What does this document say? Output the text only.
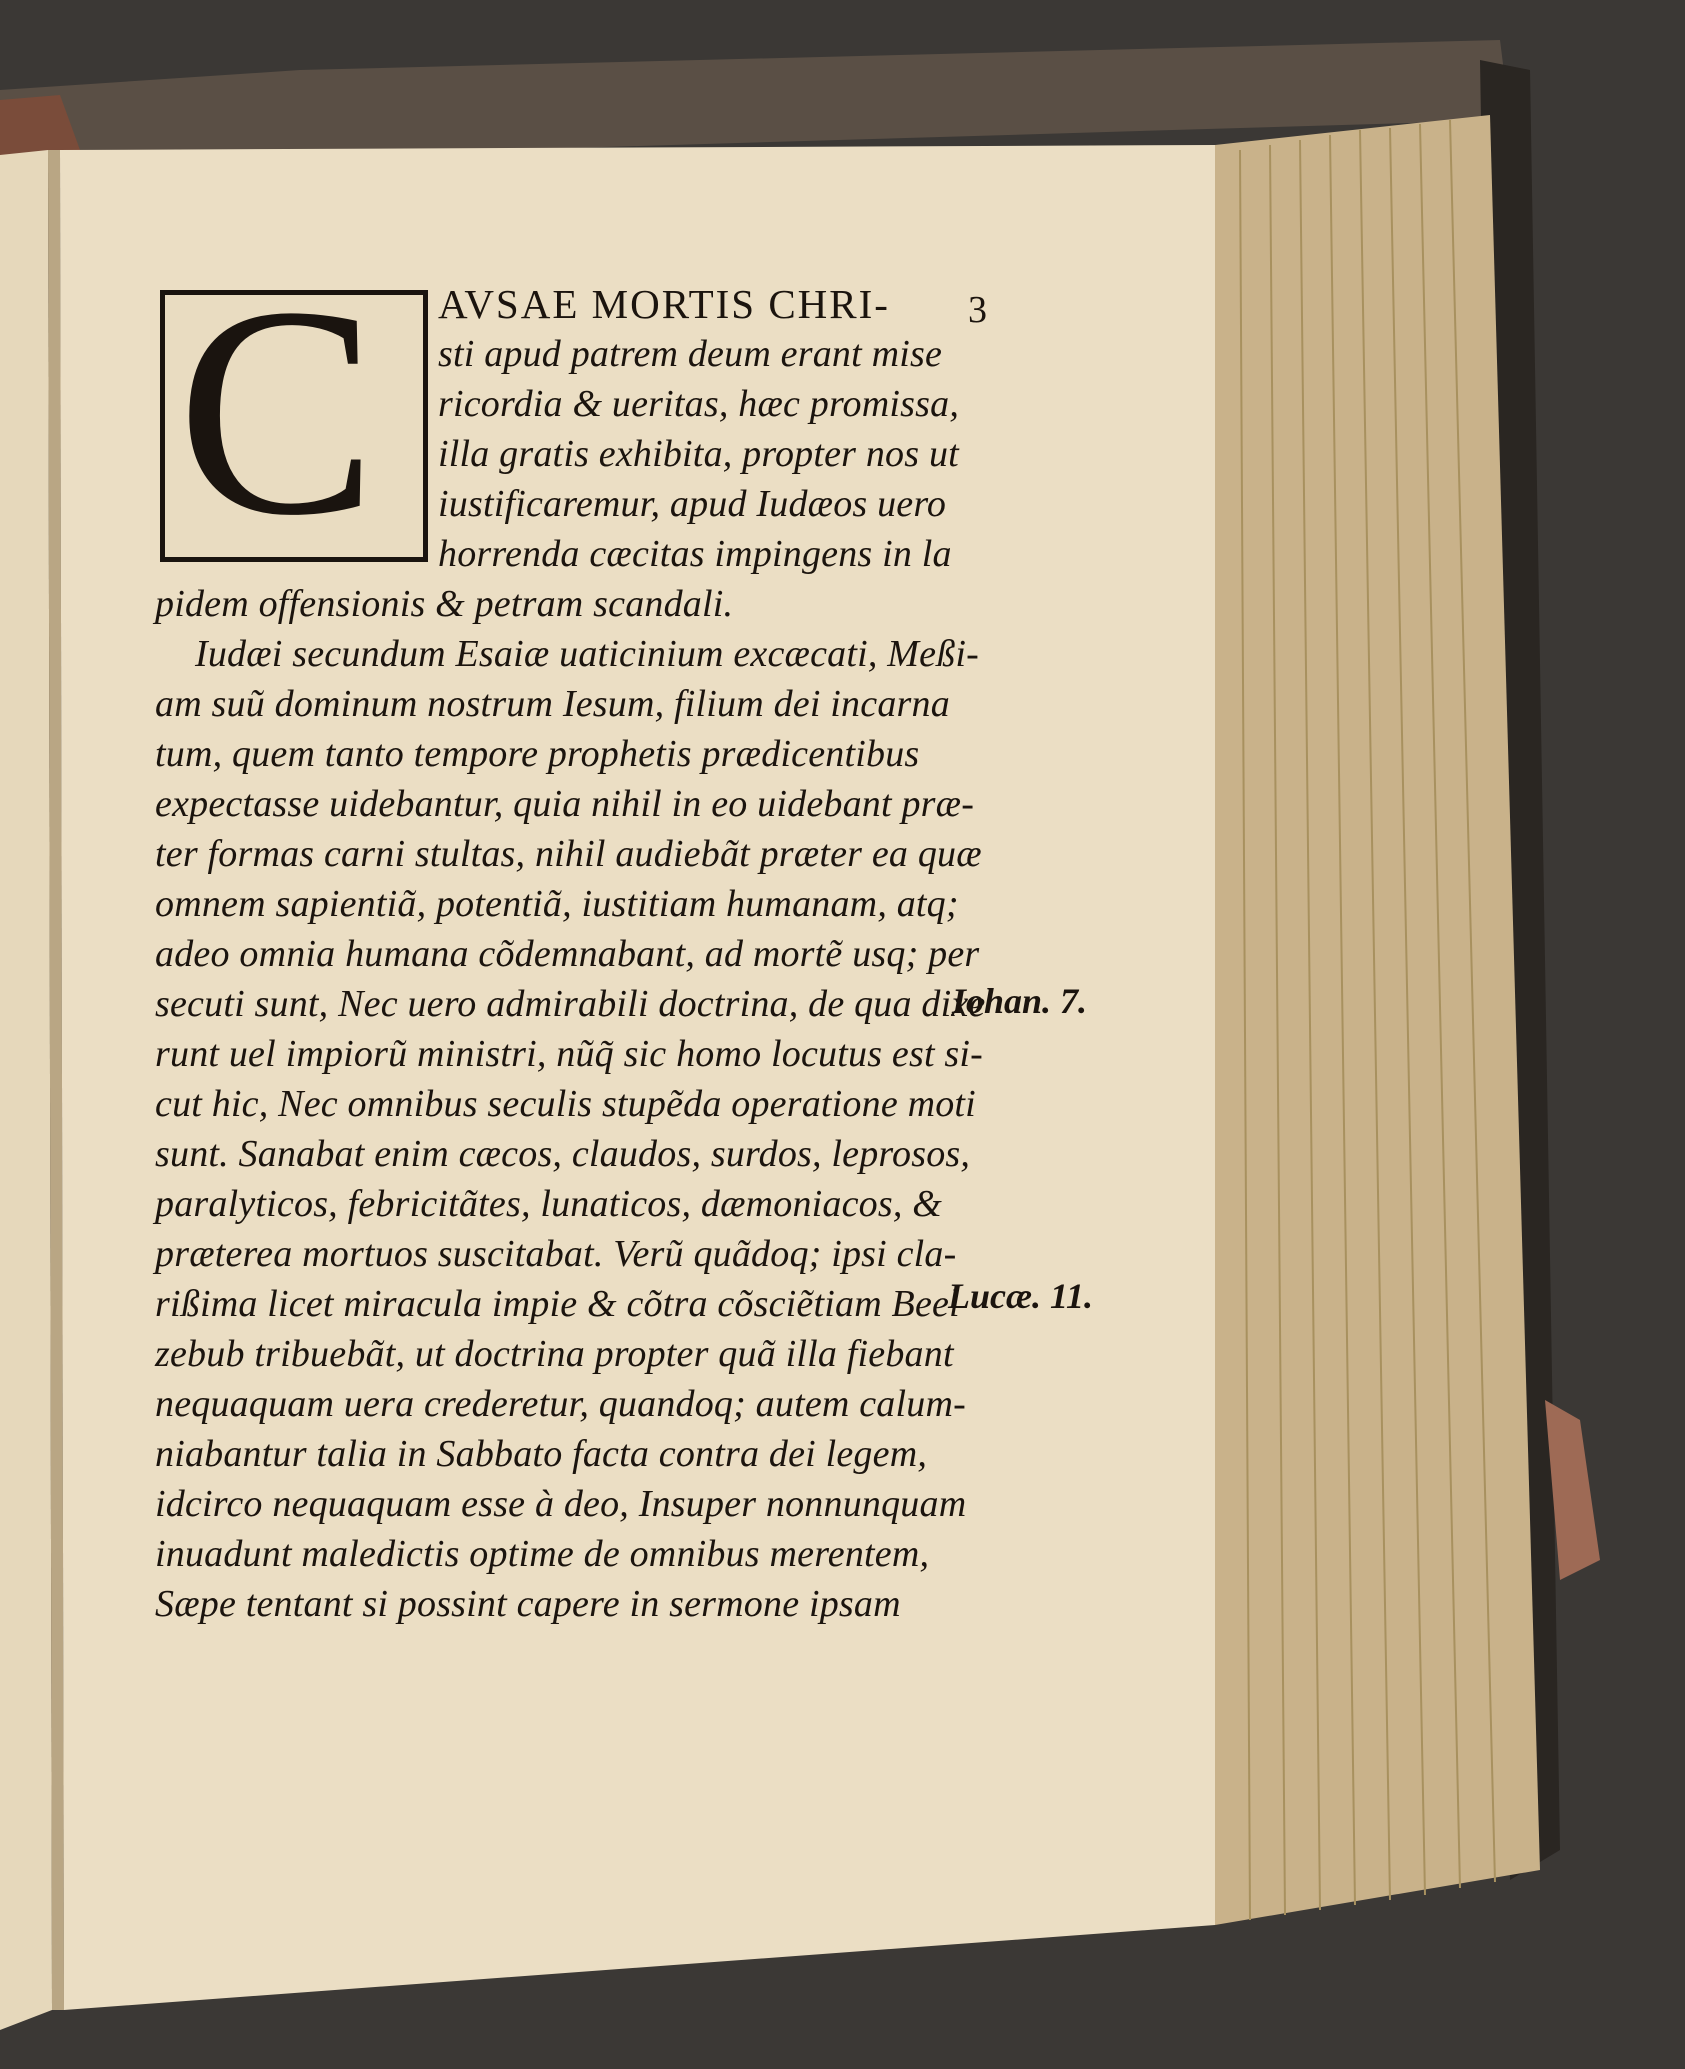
C	3
AVSAE MORTIS CHRI-
sti apud patrem deum erant mise
ricordia & ueritas, hæc promissa,
illa gratis exhibita, propter nos ut
iustificaremur, apud Iudæos uero
horrenda cæcitas impingens in la
pidem offensionis & petram scandali.
Iudæi secundum Esaiæ uaticinium excæcati, Meßi-
am suũ dominum nostrum Iesum, filium dei incarna
tum, quem tanto tempore prophetis prædicentibus
expectasse uidebantur, quia nihil in eo uidebant præ-
ter formas carni stultas, nihil audiebãt præter ea quæ
omnem sapientiã, potentiã, iustitiam humanam, atq;
adeo omnia humana cõdemnabant, ad mortẽ usq; per
secuti sunt, Nec uero admirabili doctrina, de qua dixe
runt uel impiorũ ministri, nũq̃ sic homo locutus est si-
cut hic, Nec omnibus seculis stupẽda operatione moti
sunt. Sanabat enim cæcos, claudos, surdos, leprosos,
paralyticos, febricitãtes, lunaticos, dæmoniacos, &
præterea mortuos suscitabat. Verũ quãdoq; ipsi cla-
rißima licet miracula impie & cõtra cõsciẽtiam Beel
zebub tribuebãt, ut doctrina propter quã illa fiebant
nequaquam uera crederetur, quandoq; autem calum-
niabantur talia in Sabbato facta contra dei legem,
idcirco nequaquam esse à deo, Insuper nonnunquam
inuadunt maledictis optime de omnibus merentem,
Sæpe tentant si possint capere in sermone ipsam
Iohan. 7.
Lucæ. 11.
